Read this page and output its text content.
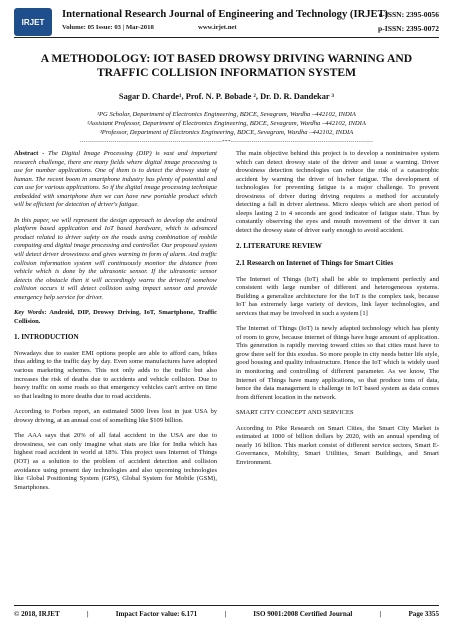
IRJET
International Research Journal of Engineering and Technology (IRJET)
Volume: 05 Issue: 03 | Mar-2018	www.irjet.net
e-ISSN: 2395-0056
p-ISSN: 2395-0072
A METHODOLOGY: IOT BASED DROWSY DRIVING WARNING AND
TRAFFIC COLLISION INFORMATION SYSTEM
Sagar D. Charde¹, Prof. N. P. Bobade ², Dr. D. R. Dandekar ³
¹PG Scholar, Department of Electronics Engineering, BDCE, Sevagram, Wardha –442102, INDIA
²Assistant Professor, Department of Electronics Engineering, BDCE, Sevagram, Wardha –442102, INDIA
³Professor, Department of Electronics Engineering, BDCE, Sevagram, Wardha –442102, INDIA
---------------------------------------------------------------------***---------------------------------------------------------------------

Abstract - The Digital Image Processing (DIP) is vast and important research challenge, there are many fields where digital image processing is use for number applications. One of them is to detect the drowsy state of human. The recent boom in smartphone industry has plenty of potential and can use for various applications. So if the digital image processing technique embedded with smartphone then we can have new portable product which will be efficient for detection of driver's fatigue.

In this paper, we will represent the design approach to develop the android platform based application and IoT based hardware, which is advanced product related to driver safety on the roads using combination of mobile computing and digital image processing and controller. Our proposed system will detect driver drowsiness and gives warning in form of alarm. And traffic collision information system will continuously monitor the distance from vehicle which is done by the ultrasonic sensor. If the ultrasonic sensor detects the obstacle then it will accordingly warns the driver.If somehow collision occurs it will detect collision using impact sensor and provide emergency help service for driver.

Key Words: Android, DIP, Drowsy Driving, IoT, Smartphone, Traffic Collision.

1. INTRODUCTION

Nowadays due to easier EMI options people are able to afford cars, bikes thus adding to the traffic day by day. Even some manufactures have adopted various marketing schemes. This not only adds to the traffic but also increases the risk of deaths due to accidents and vehicle collision. Due to heavy traffic on some roads so that emergency vehicles can't arrive on time so that leading to more deaths due to road accidents.

According to Forbes report, an estimated 5000 lives lost in just USA by drowsy driving, at an annual cost of something like $109 billion.

The AAA says that 20% of all fatal accident in the USA are due to drowsiness, we can only imagine what stats are like for India which has highest road accident in world at 18%. This project uses Internet of Things (IOT) as a solution to the problem of accident detection and collision avoidance using present day technologies and also upcoming technologies like Global Positioning System (GPS), Global System for Mobile (GSM), Smartphones.

The main objective behind this project is to develop a nonintrusive system which can detect drowsy state of the driver and issue a warning. Driver drowsiness detection technologies can reduce the risk of a catastrophic accident by warning the driver of his/her fatigue. The development of technologies for preventing fatigue is a major challenge. To prevent drowsiness of driver during driving requires a method for accurately detecting a fall in driver alertness. Micro sleeps which are short period of sleeps lasting 2 to 4 seconds are good indicator of fatigue state. Thus by constantly observing the eyes and mouth movement of the driver it can detect the drowsy state of driver early enough to avoid accident.

2. LITERATURE REVIEW
2.1 Research on Internet of Things for Smart Cities

The Internet of Things (IoT) shall be able to implement perfectly and consistent with large number of different and heterogeneous systems. Building a generalize architecture for the IoT is the complex task, because IoT has extremely large variety of devices, link layer technologies, and services that may be involved in such a system [1]

The Internet of Things (IoT) is newly adapted technology which has plenty of room to grow, because internet of things have huge amount of application. This generation is rapidly moving toward cities so that cities must have to grow there self for this exodus. So more people in city needs better life style, good housing and quality infrastructure. Hence the IoT which is widely used in monitoring and controlling of different parameter. As we know, The Internet of Things have many applications, so that produce tons of data, hence the data management is challenge in IoT based system as data comes from different location in the network.

SMART CITY CONCEPT AND SERVICES

According to Pike Research on Smart Cities, the Smart City Market is estimated at 1000 of billion dollars by 2020, with an annual spending of nearly 16 billion. This market consist of different service sectors, Smart E-Governance, Mobility, Smart Utilities, Smart Buildings, and Smart Environment.

© 2018, IRJET	|	Impact Factor value: 6.171	|	ISO 9001:2008 Certified Journal	|	Page 3355
